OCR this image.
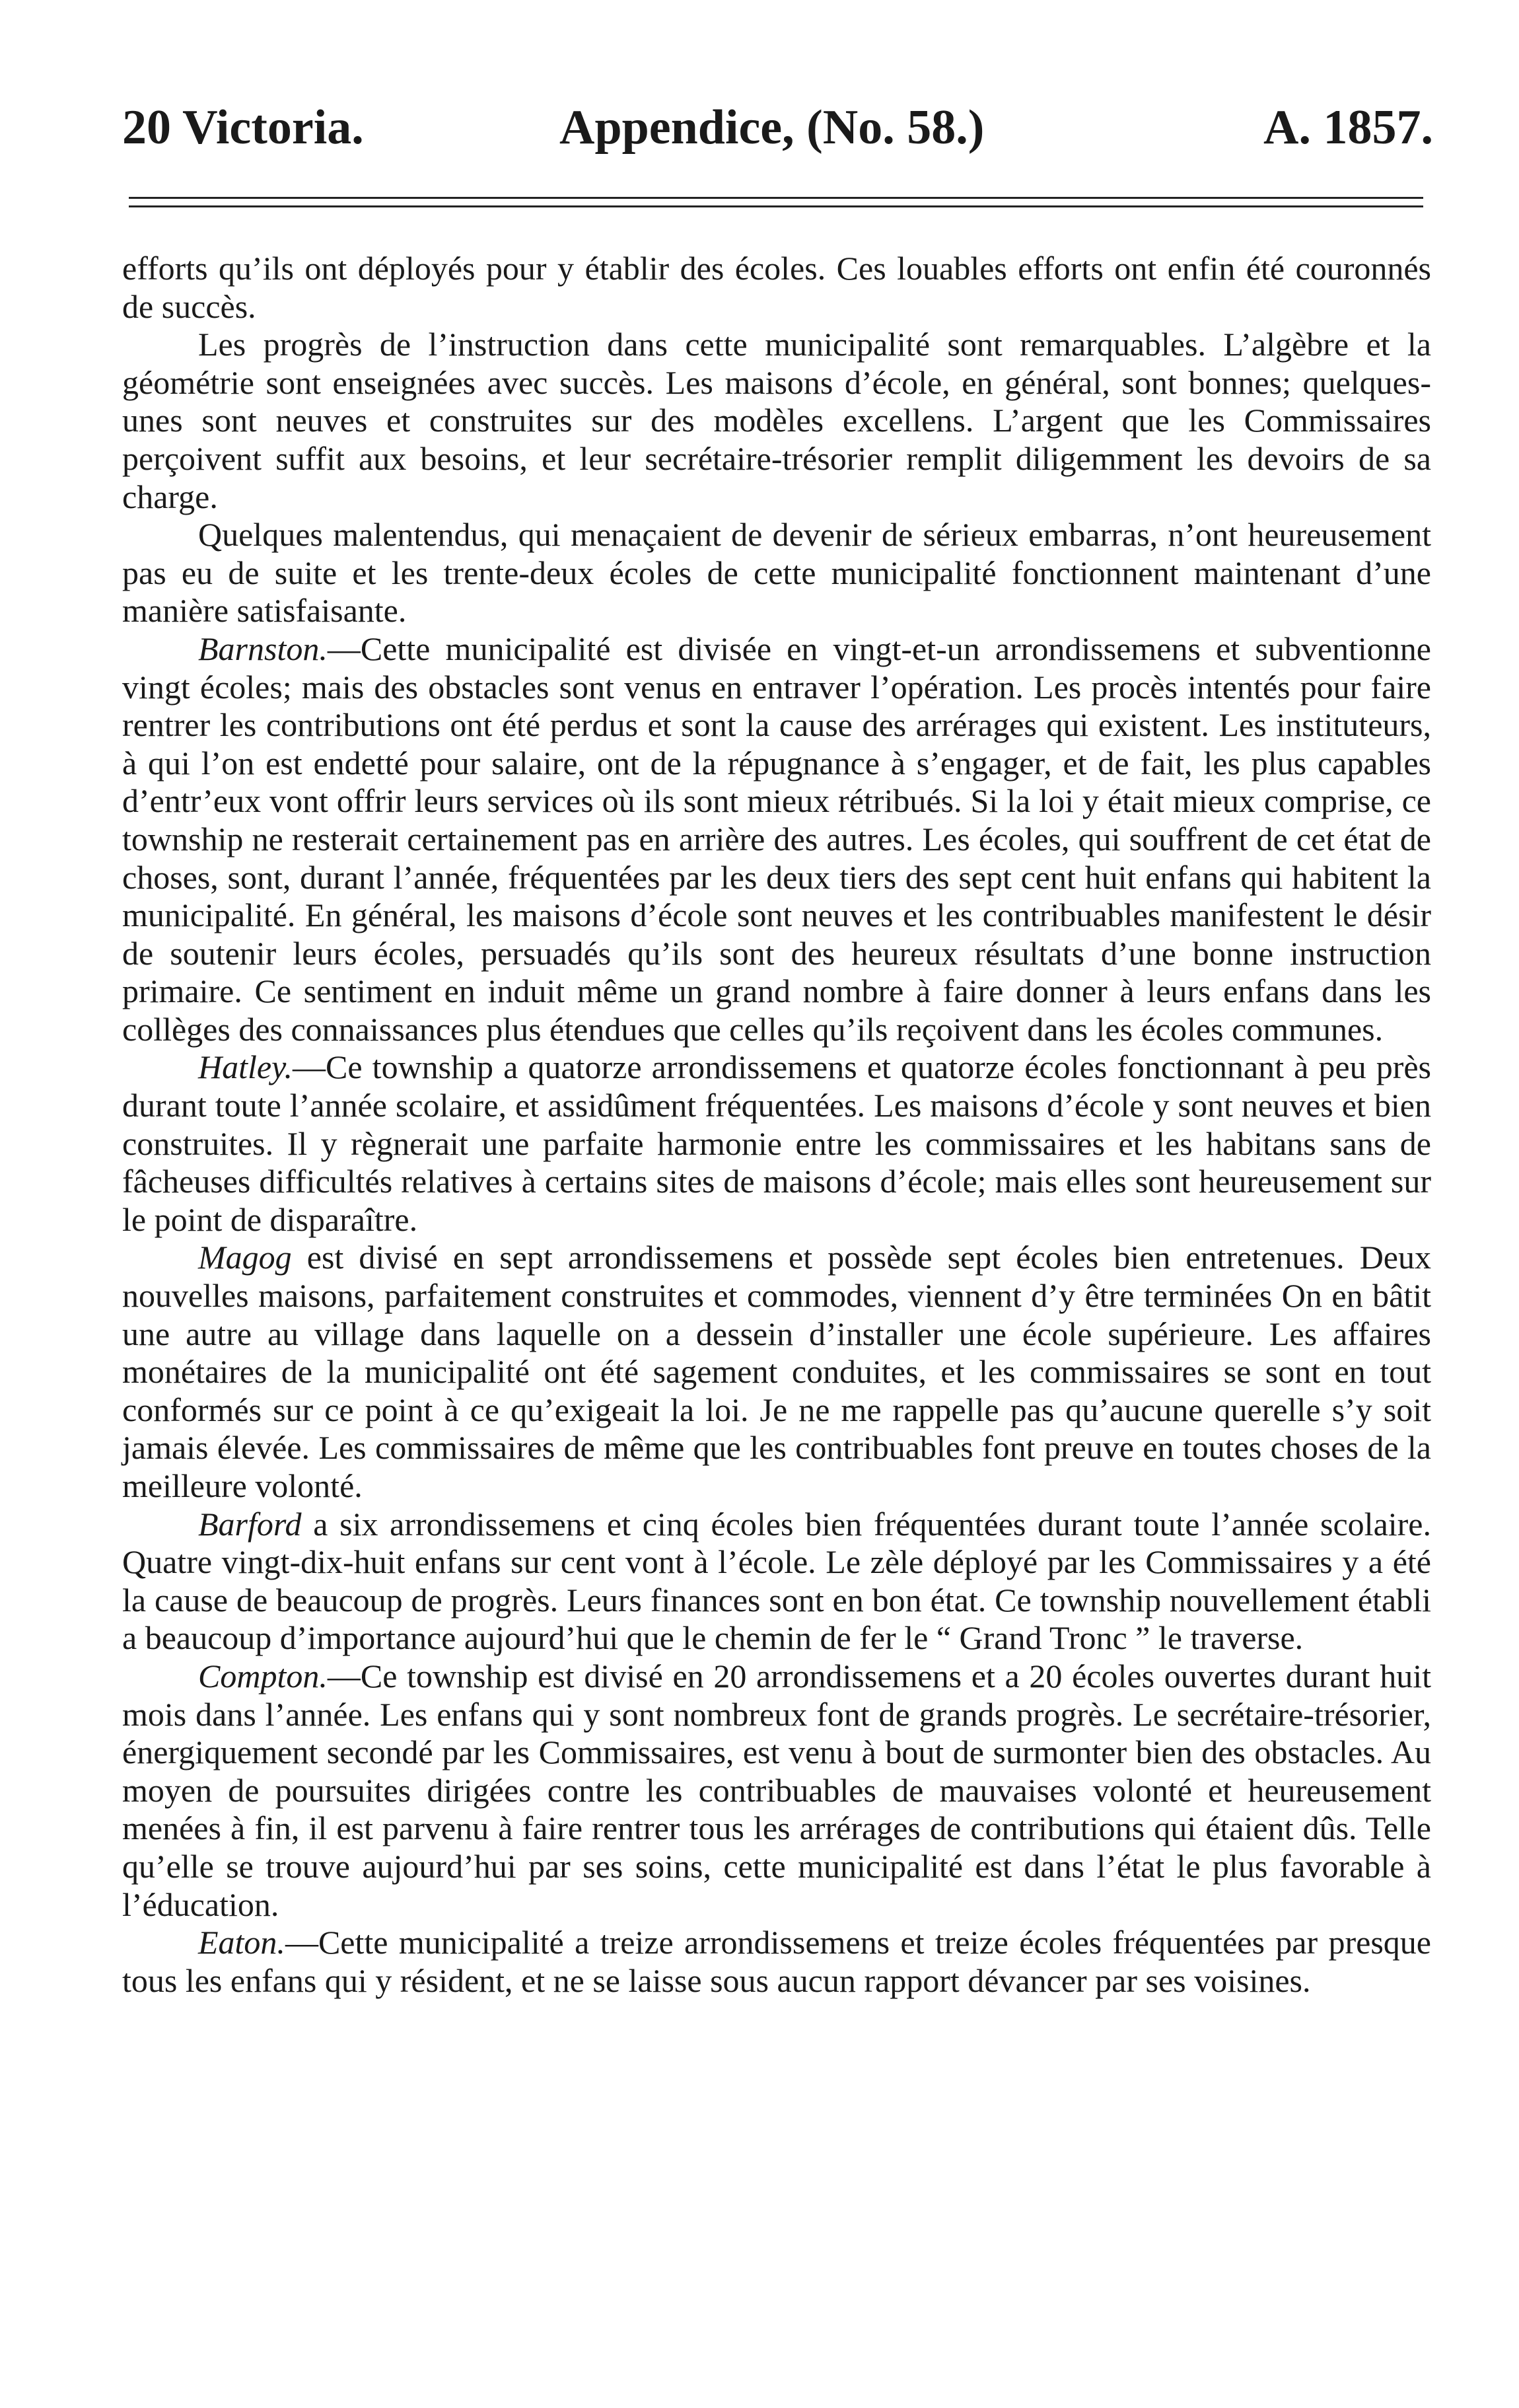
20 Victoria.	Appendice, (No. 58.)	A. 1857.

efforts qu’ils ont déployés pour y établir des écoles. Ces louables efforts ont enfin été couronnés de succès.

Les progrès de l’instruction dans cette municipalité sont remarquables. L’algèbre et la géométrie sont enseignées avec succès. Les maisons d’école, en général, sont bonnes; quelques-unes sont neuves et construites sur des modèles excellens. L’argent que les Commissaires perçoivent suffit aux besoins, et leur secrétaire-trésorier remplit diligemment les devoirs de sa charge.

Quelques malentendus, qui menaçaient de devenir de sérieux embarras, n’ont heureusement pas eu de suite et les trente-deux écoles de cette municipalité fonctionnent maintenant d’une manière satisfaisante.

Barnston.—Cette municipalité est divisée en vingt-et-un arrondissemens et subventionne vingt écoles; mais des obstacles sont venus en entraver l’opération. Les procès intentés pour faire rentrer les contributions ont été perdus et sont la cause des arrérages qui existent. Les instituteurs, à qui l’on est endetté pour salaire, ont de la répugnance à s’engager, et de fait, les plus capables d’entr’eux vont offrir leurs services où ils sont mieux rétribués. Si la loi y était mieux comprise, ce township ne resterait certainement pas en arrière des autres. Les écoles, qui souffrent de cet état de choses, sont, durant l’année, fréquentées par les deux tiers des sept cent huit enfans qui habitent la municipalité. En général, les maisons d’école sont neuves et les contribuables manifestent le désir de soutenir leurs écoles, persuadés qu’ils sont des heureux résultats d’une bonne instruction primaire. Ce sentiment en induit même un grand nombre à faire donner à leurs enfans dans les collèges des connaissances plus étendues que celles qu’ils reçoivent dans les écoles communes.

Hatley.—Ce township a quatorze arrondissemens et quatorze écoles fonctionnant à peu près durant toute l’année scolaire, et assidûment fréquentées. Les maisons d’école y sont neuves et bien construites. Il y règnerait une parfaite harmonie entre les commissaires et les habitans sans de fâcheuses difficultés relatives à certains sites de maisons d’école; mais elles sont heureusement sur le point de disparaître.

Magog est divisé en sept arrondissemens et possède sept écoles bien entretenues. Deux nouvelles maisons, parfaitement construites et commodes, viennent d’y être terminées On en bâtit une autre au village dans laquelle on a dessein d’installer une école supérieure. Les affaires monétaires de la municipalité ont été sagement conduites, et les commissaires se sont en tout conformés sur ce point à ce qu’exigeait la loi. Je ne me rappelle pas qu’aucune querelle s’y soit jamais élevée. Les commissaires de même que les contribuables font preuve en toutes choses de la meilleure volonté.

Barford a six arrondissemens et cinq écoles bien fréquentées durant toute l’année scolaire. Quatre vingt-dix-huit enfans sur cent vont à l’école. Le zèle déployé par les Commissaires y a été la cause de beaucoup de progrès. Leurs finances sont en bon état. Ce township nouvellement établi a beaucoup d’importance aujourd’hui que le chemin de fer le “ Grand Tronc ” le traverse.

Compton.—Ce township est divisé en 20 arrondissemens et a 20 écoles ouvertes durant huit mois dans l’année. Les enfans qui y sont nombreux font de grands progrès. Le secrétaire-trésorier, énergiquement secondé par les Commissaires, est venu à bout de surmonter bien des obstacles. Au moyen de poursuites dirigées contre les contribuables de mauvaises volonté et heureusement menées à fin, il est parvenu à faire rentrer tous les arrérages de contributions qui étaient dûs. Telle qu’elle se trouve aujourd’hui par ses soins, cette municipalité est dans l’état le plus favorable à l’éducation.

Eaton.—Cette municipalité a treize arrondissemens et treize écoles fréquentées par presque tous les enfans qui y résident, et ne se laisse sous aucun rapport dévancer par ses voisines.
